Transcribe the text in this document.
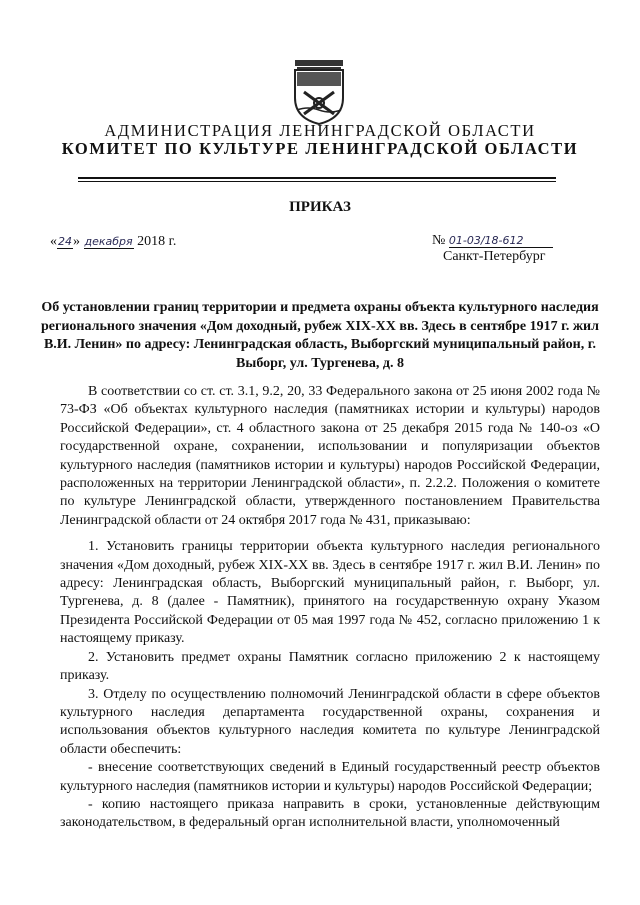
АДМИНИСТРАЦИЯ ЛЕНИНГРАДСКОЙ ОБЛАСТИ
КОМИТЕТ ПО КУЛЬТУРЕ ЛЕНИНГРАДСКОЙ ОБЛАСТИ
ПРИКАЗ
«24» декабря 2018 г.	№ 01-03/18-612
Санкт-Петербург
Об установлении границ территории и предмета охраны объекта культурного наследия регионального значения «Дом доходный, рубеж XIX-XX вв. Здесь в сентябре 1917 г. жил В.И. Ленин» по адресу: Ленинградская область, Выборгский муниципальный район, г. Выборг, ул. Тургенева, д. 8

В соответствии со ст. ст. 3.1, 9.2, 20, 33 Федерального закона от 25 июня 2002 года № 73-ФЗ «Об объектах культурного наследия (памятниках истории и культуры) народов Российской Федерации», ст. 4 областного закона от 25 декабря 2015 года № 140-оз «О государственной охране, сохранении, использовании и популяризации объектов культурного наследия (памятников истории и культуры) народов Российской Федерации, расположенных на территории Ленинградской области», п. 2.2.2. Положения о комитете по культуре Ленинградской области, утвержденного постановлением Правительства Ленинградской области от 24 октября 2017 года № 431, приказываю:

1. Установить границы территории объекта культурного наследия регионального значения «Дом доходный, рубеж XIX-XX вв. Здесь в сентябре 1917 г. жил В.И. Ленин» по адресу: Ленинградская область, Выборгский муниципальный район, г. Выборг, ул. Тургенева, д. 8 (далее - Памятник), принятого на государственную охрану Указом Президента Российской Федерации от 05 мая 1997 года № 452, согласно приложению 1 к настоящему приказу.

2. Установить предмет охраны Памятник согласно приложению 2 к настоящему приказу.

3. Отделу по осуществлению полномочий Ленинградской области в сфере объектов культурного наследия департамента государственной охраны, сохранения и использования объектов культурного наследия комитета по культуре Ленинградской области обеспечить:

- внесение соответствующих сведений в Единый государственный реестр объектов культурного наследия (памятников истории и культуры) народов Российской Федерации;

- копию настоящего приказа направить в сроки, установленные действующим законодательством, в федеральный орган исполнительной власти, уполномоченный
